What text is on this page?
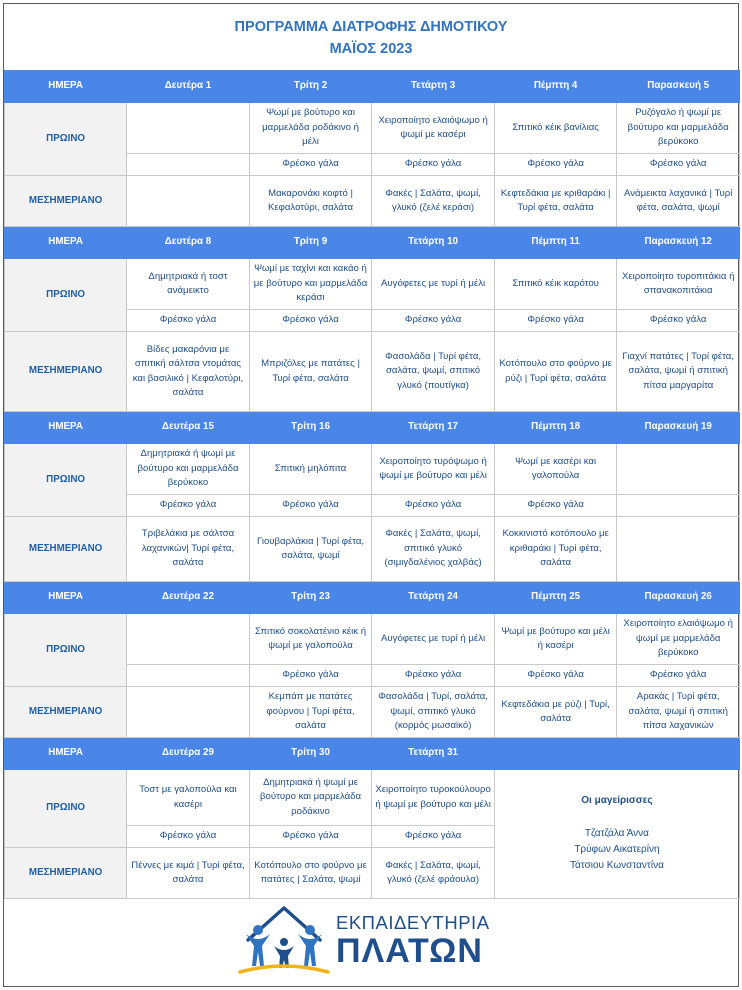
ΠΡΟΓΡΑΜΜΑ ΔΙΑΤΡΟΦΗΣ ΔΗΜΟΤΙΚΟΥ
ΜΑΪΟΣ 2023
ΗΜΕΡΑ	Δευτέρα 1	Τρίτη 2	Τετάρτη 3	Πέμπτη 4	Παρασκευή 5
ΠΡΩΙΝΟ		Ψωμί με βούτυρο και μαρμελάδα ροδάκινο ή μέλι	Χειροποίητο ελαιόψωμο ή ψωμί με κασέρι	Σπιτικό κέικ βανίλιας	Ρυζόγαλο ή ψωμί με βούτυρο και μαρμελάδα βερύκοκο
		Φρέσκο γάλα	Φρέσκο γάλα	Φρέσκο γάλα	Φρέσκο γάλα
ΜΕΣΗΜΕΡΙΑΝΟ		Μακαρονάκι κοφτό | Κεφαλοτύρι, σαλάτα	Φακές | Σαλάτα, ψωμί, γλυκό (ζελέ κεράσι)	Κεφτεδάκια με κριθαράκι | Τυρί φέτα, σαλάτα	Ανάμεικτα λαχανικά | Τυρί φέτα, σαλάτα, ψωμί
ΗΜΕΡΑ	Δευτέρα 8	Τρίτη 9	Τετάρτη 10	Πέμπτη 11	Παρασκευή 12
ΠΡΩΙΝΟ	Δημητριακά ή τοστ ανάμεικτο	Ψωμί με ταχίνι και κακάο ή με βούτυρο και μαρμελάδα κεράσι	Αυγόφετες με τυρί ή μέλι	Σπιτικό κέικ καρότου	Χειροποίητο τυροπιτάκια ή σπανακοπιτάκια
	Φρέσκο γάλα	Φρέσκο γάλα	Φρέσκο γάλα	Φρέσκο γάλα	Φρέσκο γάλα
ΜΕΣΗΜΕΡΙΑΝΟ	Βίδες μακαρόνια με σπιτική σάλτσα ντομάτας και βασιλικό | Κεφαλοτύρι, σαλάτα	Μπριζόλες με πατάτες | Τυρί φέτα, σαλάτα	Φασολάδα | Τυρί φέτα, σαλάτα, ψωμί, σπιτικό γλυκό (πουτίγκα)	Κοτόπουλο στο φούρνο με ρύζι | Τυρί φέτα, σαλάτα	Γιαχνί πατάτες | Τυρί φέτα, σαλάτα, ψωμί ή σπιτική πίτσα μαργαρίτα
ΗΜΕΡΑ	Δευτέρα 15	Τρίτη 16	Τετάρτη 17	Πέμπτη 18	Παρασκευή 19
ΠΡΩΙΝΟ	Δημητριακά ή ψωμί με βούτυρο και μαρμελάδα βερύκοκο	Σπιτική μηλόπιτα	Χειροποίητο τυρόψωμο ή ψωμί με βούτυρο και μέλι	Ψωμί με κασέρι και γαλοπούλα	
	Φρέσκο γάλα	Φρέσκο γάλα	Φρέσκο γάλα	Φρέσκο γάλα	
ΜΕΣΗΜΕΡΙΑΝΟ	Τριβελάκια με σάλτσα λαχανικών| Τυρί φέτα, σαλάτα	Γιουβαρλάκια | Τυρί φέτα, σαλάτα, ψωμί	Φακές | Σαλάτα, ψωμί, σπιτικό γλυκό (σιμιγδαλένιος χαλβάς)	Κοκκινιστό κοτόπουλο με κριθαράκι | Τυρί φέτα, σαλάτα	
ΗΜΕΡΑ	Δευτέρα 22	Τρίτη 23	Τετάρτη 24	Πέμπτη 25	Παρασκευή 26
ΠΡΩΙΝΟ		Σπιτικό σοκολατένιο κέικ ή ψωμί με γαλοπούλα	Αυγόφετες με τυρί ή μέλι	Ψωμί με βούτυρο και μέλι ή κασέρι	Χειροποίητο ελαιόψωμο ή ψωμί με μαρμελάδα βερύκοκο
		Φρέσκο γάλα	Φρέσκο γάλα	Φρέσκο γάλα	Φρέσκο γάλα
ΜΕΣΗΜΕΡΙΑΝΟ		Κεμπάπ με πατάτες φούρνου | Τυρί φέτα, σαλάτα	Φασολάδα | Τυρί, σαλάτα, ψωμί, σπιτικό γλυκό (κορμός μωσαϊκό)	Κεφτεδάκια με ρύζι | Τυρί, σαλάτα	Αρακάς | Τυρί φέτα, σαλάτα, ψωμί ή σπιτική πίτσα λαχανικών
ΗΜΕΡΑ	Δευτέρα 29	Τρίτη 30	Τετάρτη 31		
ΠΡΩΙΝΟ	Τοστ με γαλοπούλα και κασέρι	Δημητριακά ή ψωμί με βούτυρο και μαρμελάδα ροδάκινο	Χειροποίητο τυροκούλουρο ή ψωμί με βούτυρο και μέλι	Οι μαγείρισσες
Τζατζάλα Άννα
Τρύφων Αικατερίνη
Τάτσιου Κωνσταντίνα	

	Φρέσκο γάλα	Φρέσκο γάλα	Φρέσκο γάλα		
ΜΕΣΗΜΕΡΙΑΝΟ	Πέννες με κιμά | Τυρί φέτα, σαλάτα	Κοτόπουλο στο φούρνο με πατάτες | Σαλάτα, ψωμί	Φακές | Σαλάτα, ψωμί, γλυκό (ζελέ φράουλα)		
ΕΚΠΑΙΔΕΥΤΗΡΙΑ
ΠΛΑΤΩΝ
